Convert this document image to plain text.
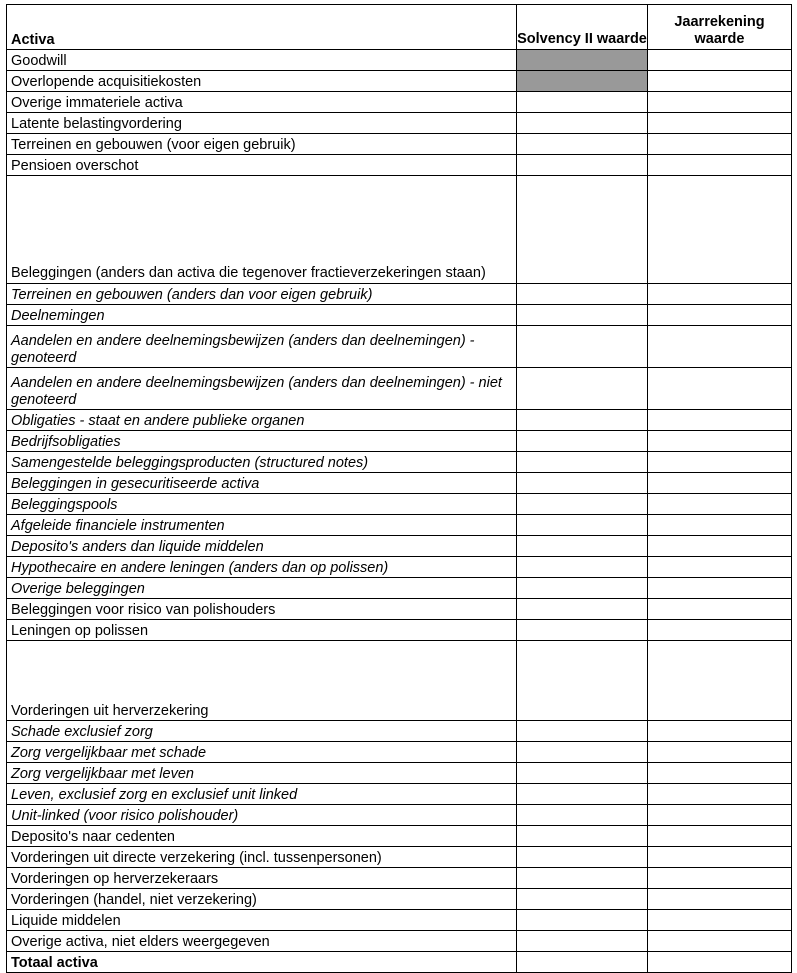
Activa	Solvency II waarde	Jaarrekening waarde
Goodwill		
Overlopende acquisitiekosten		
Overige immateriele activa		
Latente belastingvordering		
Terreinen en gebouwen (voor eigen gebruik)		
Pensioen overschot		
Beleggingen (anders dan activa die tegenover fractieverzekeringen staan)		
Terreinen en gebouwen (anders dan voor eigen gebruik)		
Deelnemingen		
Aandelen en andere deelnemingsbewijzen (anders dan deelnemingen) - genoteerd		
Aandelen en andere deelnemingsbewijzen (anders dan deelnemingen) - niet genoteerd		
Obligaties - staat en andere publieke organen		
Bedrijfsobligaties		
Samengestelde beleggingsproducten (structured notes)		
Beleggingen in gesecuritiseerde activa		
Beleggingspools		
Afgeleide financiele instrumenten		
Deposito's anders dan liquide middelen		
Hypothecaire en andere leningen (anders dan op polissen)		
Overige beleggingen		
Beleggingen voor risico van polishouders		
Leningen op polissen		
Vorderingen uit herverzekering		
Schade exclusief zorg		
Zorg vergelijkbaar met schade		
Zorg vergelijkbaar met leven		
Leven, exclusief zorg en exclusief unit linked		
Unit-linked (voor risico polishouder)		
Deposito's naar cedenten		
Vorderingen uit directe verzekering (incl. tussenpersonen)		
Vorderingen op herverzekeraars		
Vorderingen (handel, niet verzekering)		
Liquide middelen		
Overige activa, niet elders weergegeven		
Totaal activa		
